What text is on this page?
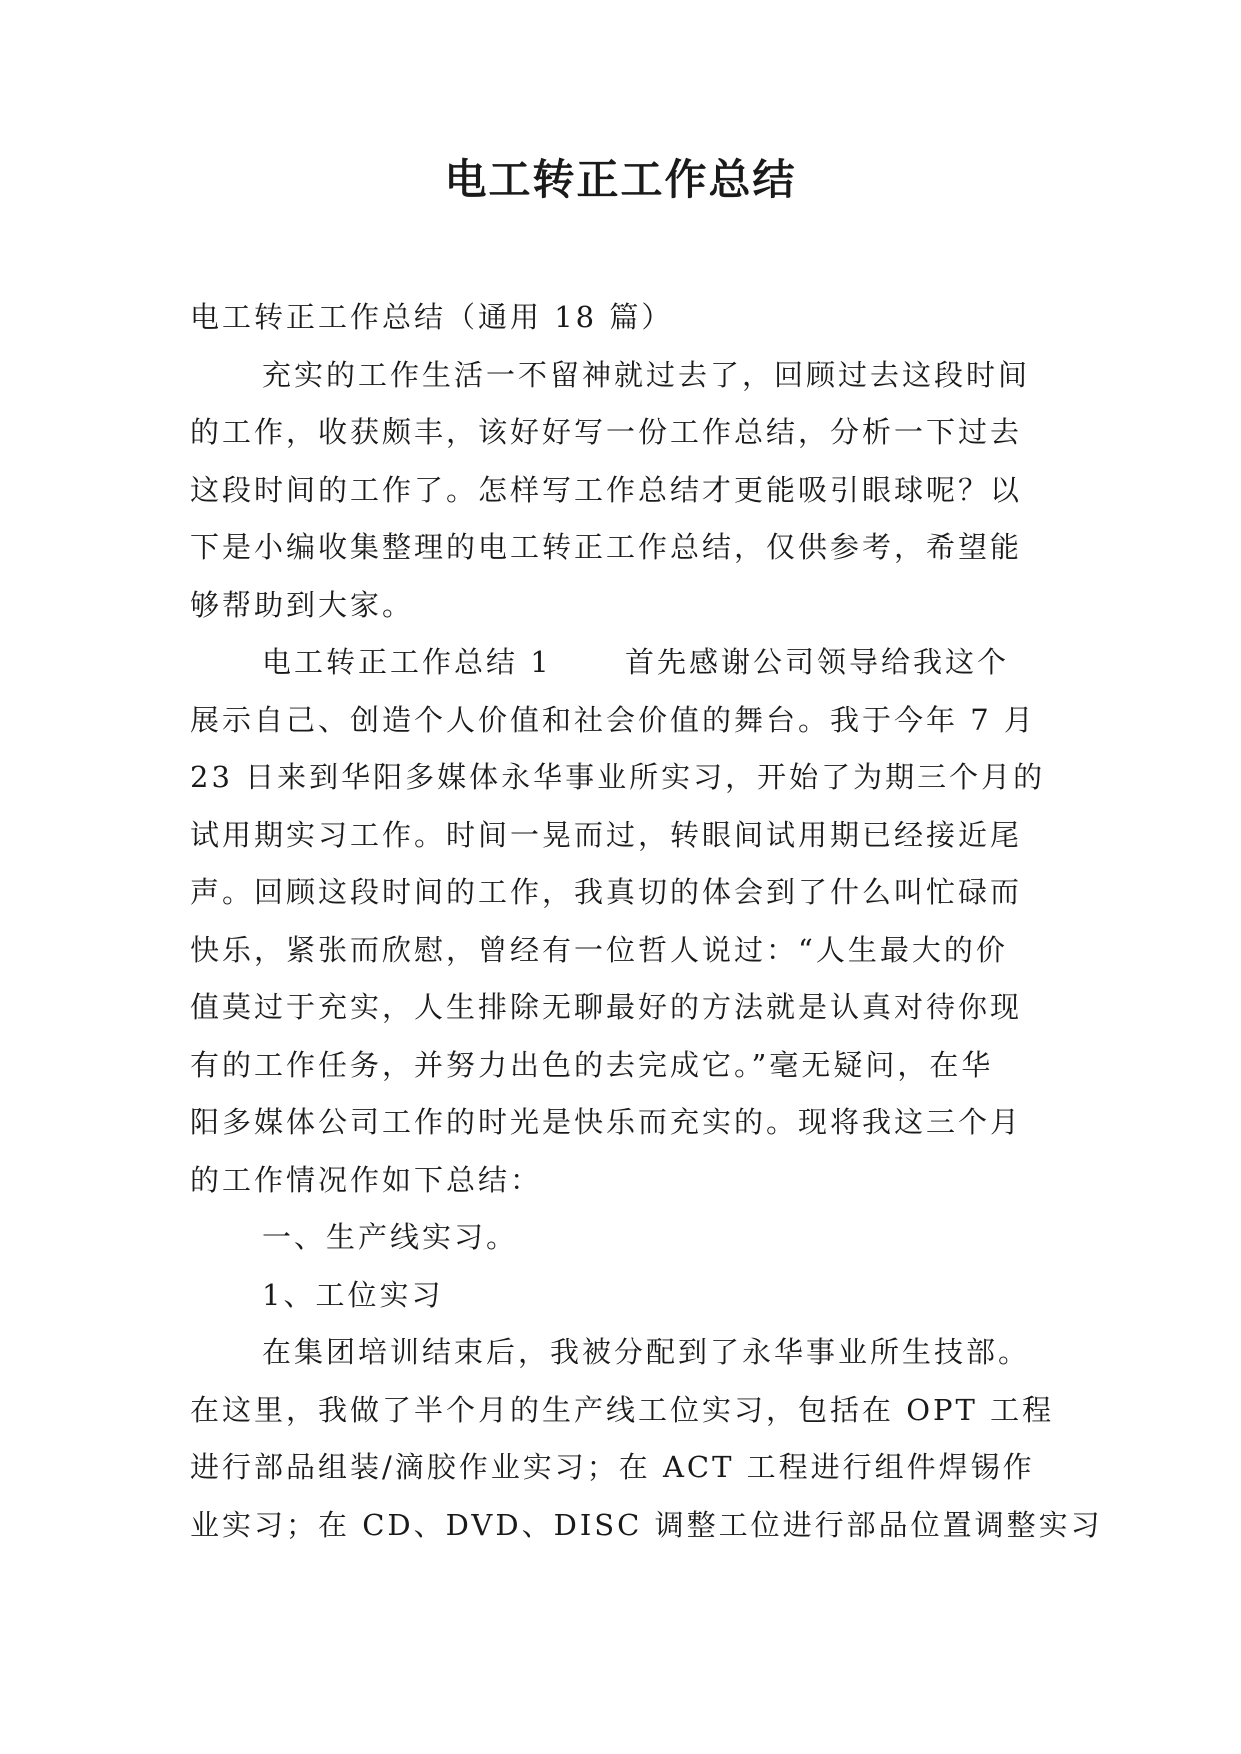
电工转正工作总结
电工转正工作总结（通用 18 篇）
充实的工作生活一不留神就过去了，回顾过去这段时间
的工作，收获颇丰，该好好写一份工作总结，分析一下过去
这段时间的工作了。怎样写工作总结才更能吸引眼球呢？以
下是小编收集整理的电工转正工作总结，仅供参考，希望能
够帮助到大家。
电工转正工作总结 1      首先感谢公司领导给我这个
展示自己、创造个人价值和社会价值的舞台。我于今年 7 月
23 日来到华阳多媒体永华事业所实习，开始了为期三个月的
试用期实习工作。时间一晃而过，转眼间试用期已经接近尾
声。回顾这段时间的工作，我真切的体会到了什么叫忙碌而
快乐，紧张而欣慰，曾经有一位哲人说过：“人生最大的价
值莫过于充实，人生排除无聊最好的方法就是认真对待你现
有的工作任务，并努力出色的去完成它。”毫无疑问，在华
阳多媒体公司工作的时光是快乐而充实的。现将我这三个月
的工作情况作如下总结：
一、生产线实习。
1、工位实习
在集团培训结束后，我被分配到了永华事业所生技部。
在这里，我做了半个月的生产线工位实习，包括在 OPT 工程
进行部品组装/滴胶作业实习；在 ACT 工程进行组件焊锡作
业实习；在 CD、DVD、DISC 调整工位进行部品位置调整实习
